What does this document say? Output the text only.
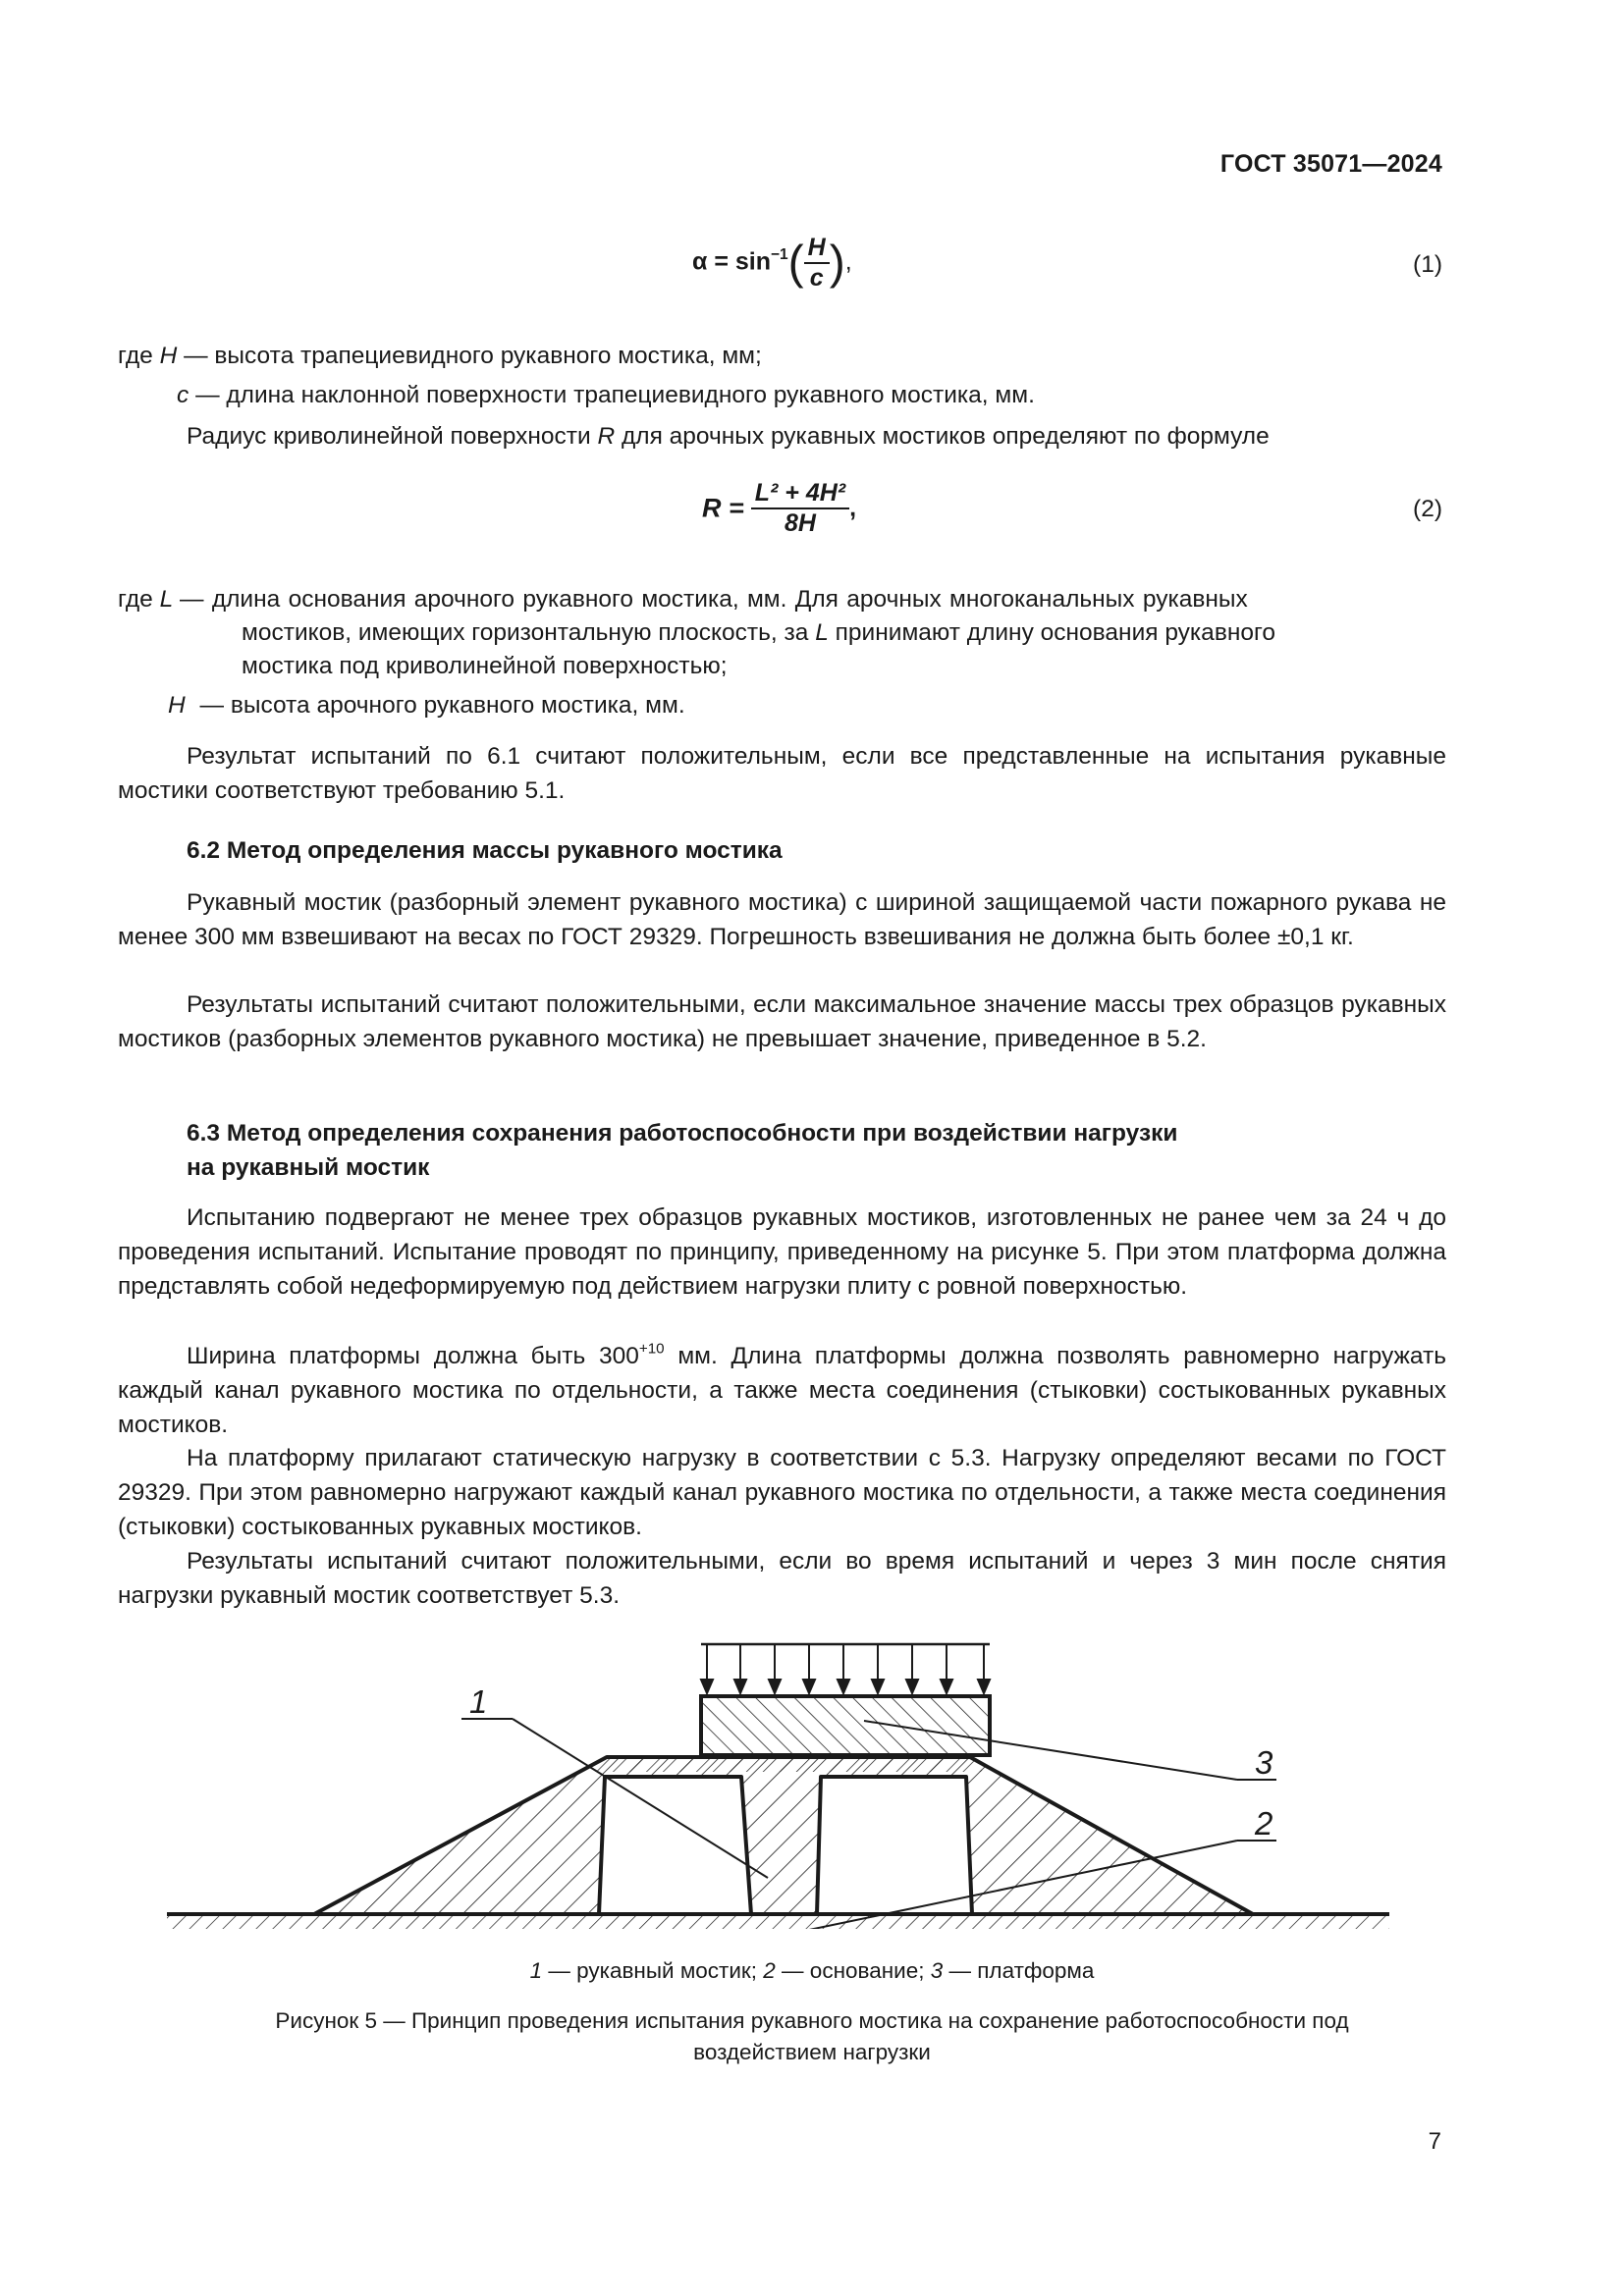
ГОСТ 35071—2024
$\alpha = \sin^{-1}( \frac{H}{c}$ ),	(1)
где H — высота трапециевидного рукавного мостика, мм;
c — длина наклонной поверхности трапециевидного рукавного мостика, мм.
Радиус криволинейной поверхности R для арочных рукавных мостиков определяют по формуле
$R = \frac{\text{L² + 4H²}}{8H}$ ,	(2)
где L — длина основания арочного рукавного мостика, мм. Для арочных многоканальных рукавных
мостиков, имеющих горизонтальную плоскость, за L принимают длину основания рукавного
мостика под криволинейной поверхностью;
H — высота арочного рукавного мостика, мм.
Результат испытаний по 6.1 считают положительным, если все представленные на испытания рукавные мостики соответствуют требованию 5.1.
6.2 Метод определения массы рукавного мостика
Рукавный мостик (разборный элемент рукавного мостика) с шириной защищаемой части пожарного рукава не менее 300 мм взвешивают на весах по ГОСТ 29329. Погрешность взвешивания не должна быть более ±0,1 кг.
Результаты испытаний считают положительными, если максимальное значение массы трех образцов рукавных мостиков (разборных элементов рукавного мостика) не превышает значение, приведенное в 5.2.
6.3 Метод определения сохранения работоспособности при воздействии нагрузки
на рукавный мостик
Испытанию подвергают не менее трех образцов рукавных мостиков, изготовленных не ранее чем за 24 ч до проведения испытаний. Испытание проводят по принципу, приведенному на рисунке 5. При этом платформа должна представлять собой недеформируемую под действием нагрузки плиту с ровной поверхностью.
Ширина платформы должна быть $300^{+10}$ мм. Длина платформы должна позволять равномерно нагружать каждый канал рукавного мостика по отдельности, а также места соединения (стыковки) состыкованных рукавных мостиков.
На платформу прилагают статическую нагрузку в соответствии с 5.3. Нагрузку определяют весами по ГОСТ 29329. При этом равномерно нагружают каждый канал рукавного мостика по отдельности, а также места соединения (стыковки) состыкованных рукавных мостиков.
Результаты испытаний считают положительными, если во время испытаний и через 3 мин после снятия нагрузки рукавный мостик соответствует 5.3.
1
3
2
1 — рукавный мостик; 2 — основание; 3 — платформа
Рисунок 5 — Принцип проведения испытания рукавного мостика на сохранение работоспособности под
воздействием нагрузки
7
